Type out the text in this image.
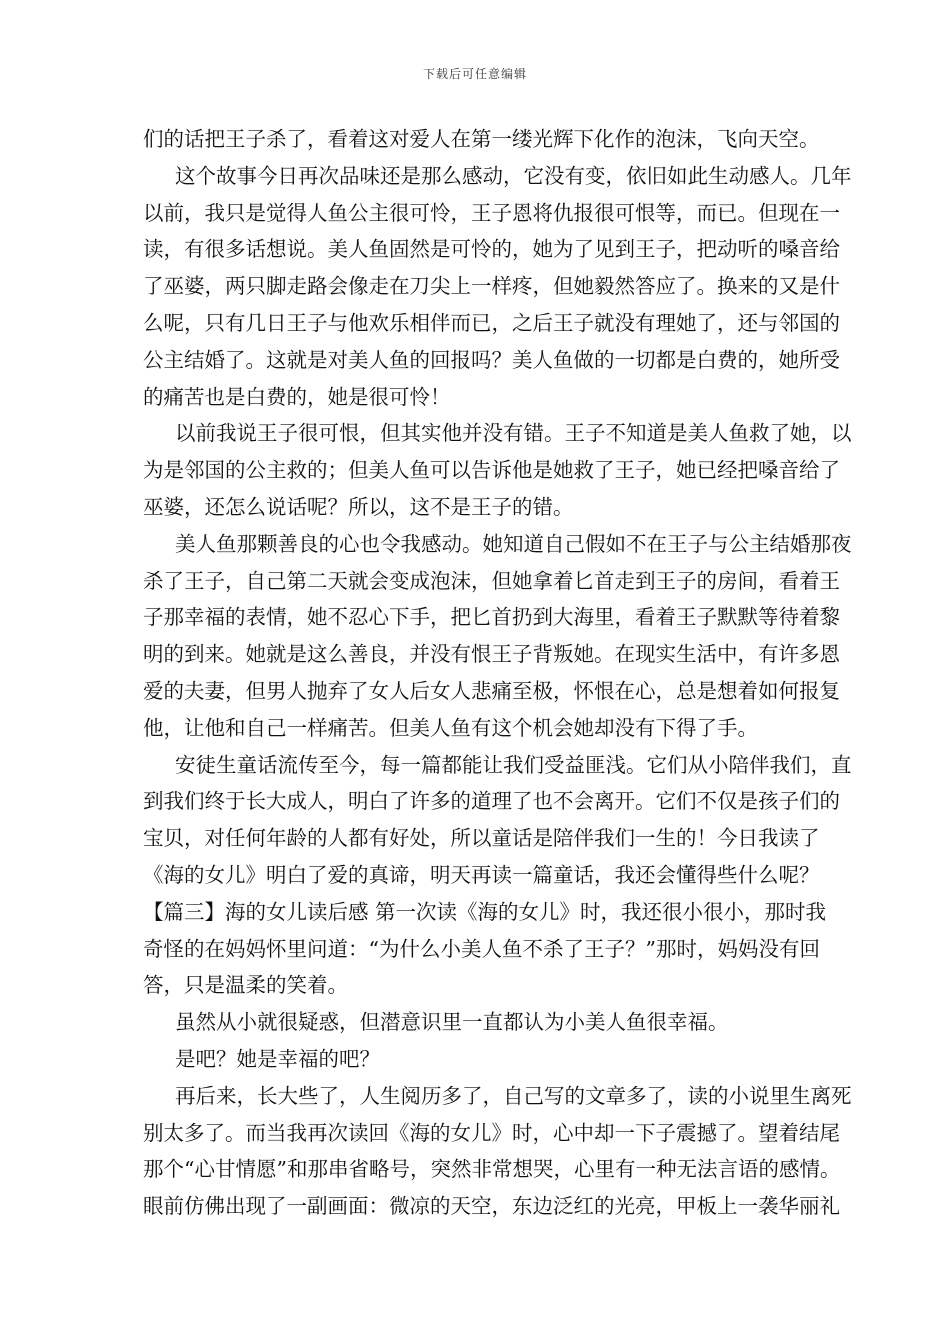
下载后可任意编辑
们的话把王子杀了，看着这对爱人在第一缕光辉下化作的泡沫，飞向天空。
这个故事今日再次品味还是那么感动，它没有变，依旧如此生动感人。几年
以前，我只是觉得人鱼公主很可怜，王子恩将仇报很可恨等，而已。但现在一
读，有很多话想说。美人鱼固然是可怜的，她为了见到王子，把动听的嗓音给
了巫婆，两只脚走路会像走在刀尖上一样疼，但她毅然答应了。换来的又是什
么呢，只有几日王子与他欢乐相伴而已，之后王子就没有理她了，还与邻国的
公主结婚了。这就是对美人鱼的回报吗？美人鱼做的一切都是白费的，她所受
的痛苦也是白费的，她是很可怜！
以前我说王子很可恨，但其实他并没有错。王子不知道是美人鱼救了她，以
为是邻国的公主救的；但美人鱼可以告诉他是她救了王子，她已经把嗓音给了
巫婆，还怎么说话呢？所以，这不是王子的错。
美人鱼那颗善良的心也令我感动。她知道自己假如不在王子与公主结婚那夜
杀了王子，自己第二天就会变成泡沫，但她拿着匕首走到王子的房间，看着王
子那幸福的表情，她不忍心下手，把匕首扔到大海里，看着王子默默等待着黎
明的到来。她就是这么善良，并没有恨王子背叛她。在现实生活中，有许多恩
爱的夫妻，但男人抛弃了女人后女人悲痛至极，怀恨在心，总是想着如何报复
他，让他和自己一样痛苦。但美人鱼有这个机会她却没有下得了手。
安徒生童话流传至今，每一篇都能让我们受益匪浅。它们从小陪伴我们，直
到我们终于长大成人，明白了许多的道理了也不会离开。它们不仅是孩子们的
宝贝，对任何年龄的人都有好处，所以童话是陪伴我们一生的！今日我读了
《海的女儿》明白了爱的真谛，明天再读一篇童话，我还会懂得些什么呢？
【篇三】海的女儿读后感 第一次读《海的女儿》时，我还很小很小，那时我
奇怪的在妈妈怀里问道：“为什么小美人鱼不杀了王子？”那时，妈妈没有回
答，只是温柔的笑着。
虽然从小就很疑惑，但潜意识里一直都认为小美人鱼很幸福。
是吧？她是幸福的吧？
再后来，长大些了，人生阅历多了，自己写的文章多了，读的小说里生离死
别太多了。而当我再次读回《海的女儿》时，心中却一下子震撼了。望着结尾
那个“心甘情愿”和那串省略号，突然非常想哭，心里有一种无法言语的感情。
眼前仿佛出现了一副画面：微凉的天空，东边泛红的光亮，甲板上一袭华丽礼
